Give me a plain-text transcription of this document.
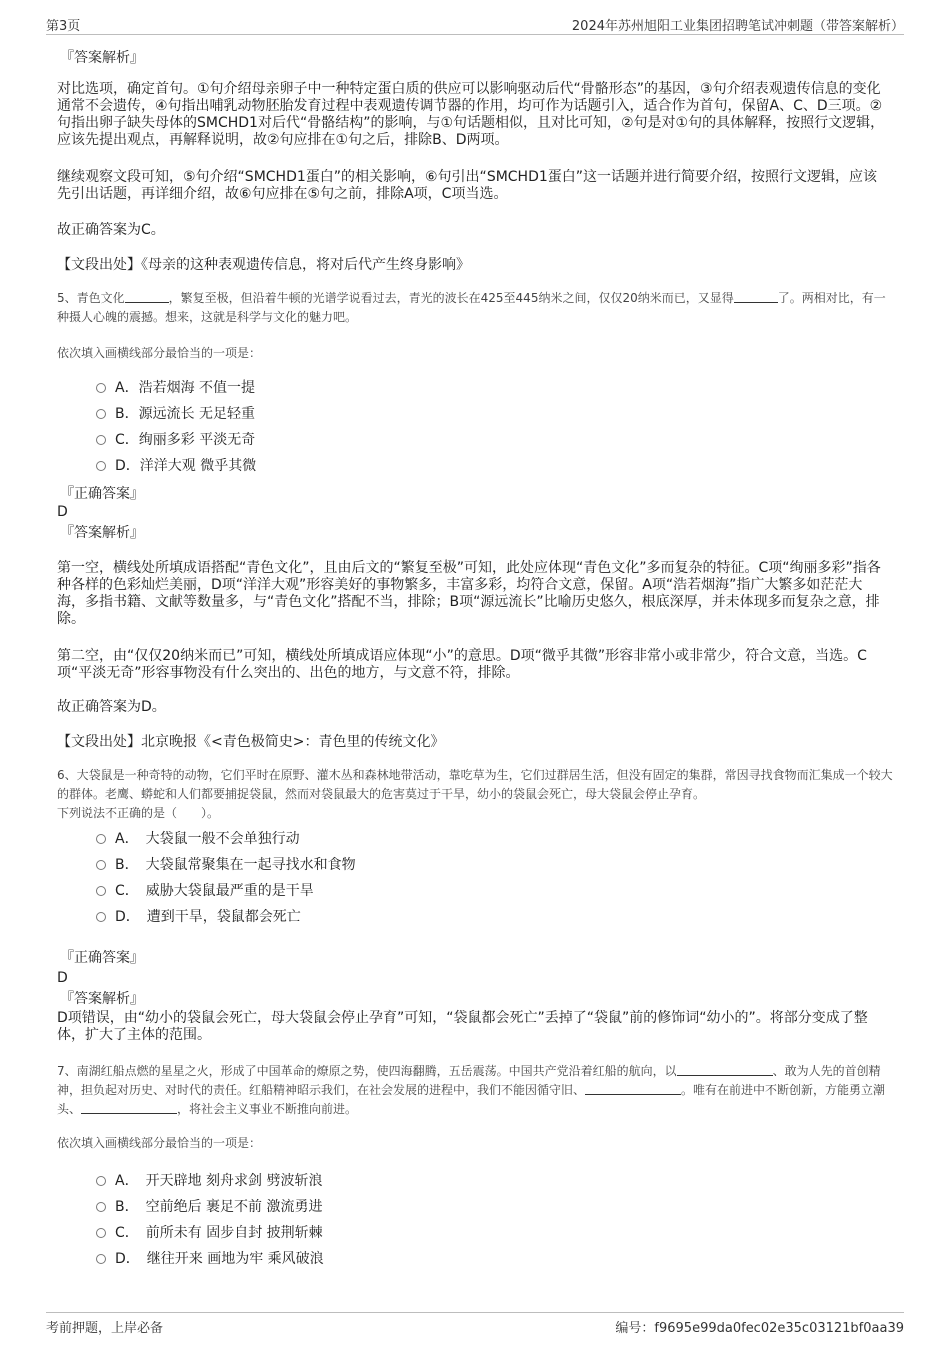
第3页	2024年苏州旭阳工业集团招聘笔试冲刺题（带答案解析）
『答案解析』
对比选项，确定首句。①句介绍母亲卵子中一种特定蛋白质的供应可以影响驱动后代“骨骼形态”的基因，③句介绍表观遗传信息的变化通常不会遗传，④句指出哺乳动物胚胎发育过程中表观遗传调节器的作用，均可作为话题引入，适合作为首句，保留A、C、D三项。②句指出卵子缺失母体的SMCHD1对后代“骨骼结构”的影响，与①句话题相似，且对比可知，②句是对①句的具体解释，按照行文逻辑，应该先提出观点，再解释说明，故②句应排在①句之后，排除B、D两项。
继续观察文段可知，⑤句介绍“SMCHD1蛋白”的相关影响，⑥句引出“SMCHD1蛋白”这一话题并进行简要介绍，按照行文逻辑，应该先引出话题，再详细介绍，故⑥句应排在⑤句之前，排除A项，C项当选。
故正确答案为C。
【文段出处】《母亲的这种表观遗传信息，将对后代产生终身影响》
5、青色文化	，繁复至极，但沿着牛顿的光谱学说看过去，青光的波长在425至445纳米之间，仅仅20纳米而已，又显得	了。两相对比，有一种摄人心魄的震撼。想来，这就是科学与文化的魅力吧。
依次填入画横线部分最恰当的一项是：
A．浩若烟海 不值一提
B．源远流长 无足轻重
C．绚丽多彩 平淡无奇
D．洋洋大观 微乎其微
『正确答案』
D
『答案解析』
第一空，横线处所填成语搭配“青色文化”，且由后文的“繁复至极”可知，此处应体现“青色文化”多而复杂的特征。C项“绚丽多彩”指各种各样的色彩灿烂美丽，D项“洋洋大观”形容美好的事物繁多，丰富多彩，均符合文意，保留。A项“浩若烟海”指广大繁多如茫茫大海，多指书籍、文献等数量多，与“青色文化”搭配不当，排除；B项“源远流长”比喻历史悠久，根底深厚，并未体现多而复杂之意，排除。
第二空，由“仅仅20纳米而已”可知，横线处所填成语应体现“小”的意思。D项“微乎其微”形容非常小或非常少，符合文意，当选。C项“平淡无奇”形容事物没有什么突出的、出色的地方，与文意不符，排除。
故正确答案为D。
【文段出处】北京晚报《<青色极简史>：青色里的传统文化》
6、大袋鼠是一种奇特的动物，它们平时在原野、灌木丛和森林地带活动，靠吃草为生，它们过群居生活，但没有固定的集群，常因寻找食物而汇集成一个较大的群体。老鹰、蟒蛇和人们都要捕捉袋鼠，然而对袋鼠最大的危害莫过于干旱，幼小的袋鼠会死亡，母大袋鼠会停止孕育。
下列说法不正确的是（　　）。
A．　大袋鼠一般不会单独行动
B．　大袋鼠常聚集在一起寻找水和食物
C．　威胁大袋鼠最严重的是干旱
D．　遭到干旱，袋鼠都会死亡
『正确答案』
D
『答案解析』
D项错误，由“幼小的袋鼠会死亡，母大袋鼠会停止孕育”可知，“袋鼠都会死亡”丢掉了“袋鼠”前的修饰词“幼小的”。将部分变成了整体，扩大了主体的范围。
7、南湖红船点燃的星星之火，形成了中国革命的燎原之势，使四海翻腾，五岳震荡。中国共产党沿着红船的航向，以	、敢为人先的首创精神，担负起对历史、对时代的责任。红船精神昭示我们，在社会发展的进程中，我们不能因循守旧、	。唯有在前进中不断创新，方能勇立潮头、	，将社会主义事业不断推向前进。
依次填入画横线部分最恰当的一项是：
A．　开天辟地 刻舟求剑 劈波斩浪
B．　空前绝后 裹足不前 激流勇进
C．　前所未有 固步自封 披荆斩棘
D．　继往开来 画地为牢 乘风破浪
考前押题，上岸必备	编号：f9695e99da0fec02e35c03121bf0aa39
